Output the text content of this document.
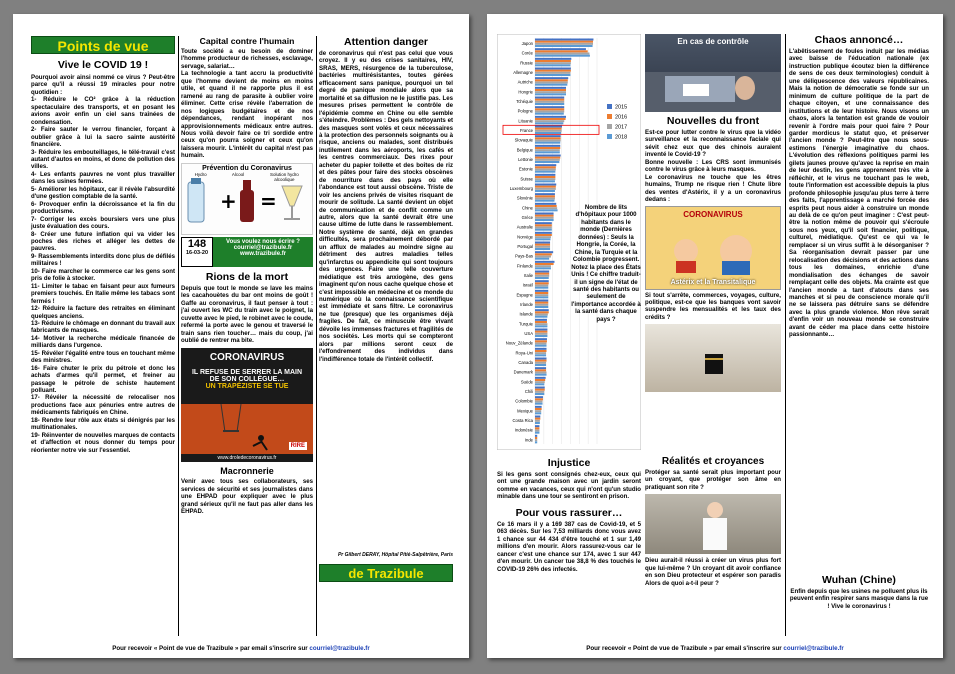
Points de vue
Vive le COVID 19 !

Pourquoi avoir ainsi nommé ce virus ? Peut-être parce qu'il a réussi 19 miracles pour notre quotidien :

1- Réduire le CO² grâce à la réduction spectaculaire des transports, et en posant les avions avoir enfin un ciel sans traînées de condensation.

2- Faire sauter le verrou financier, forçant à oublier grâce à lui la sacro sainte austérité financière.

3- Réduire les embouteillages, le télé-travail c'est autant d'autos en moins, et donc de pollution des villes.

4- Les enfants pauvres ne vont plus travailler dans les usines fermées.

5- Améliorer les hôpitaux, car il révèle l'absurdité d'une gestion comptable de la santé.

6- Provoquer enfin la décroissance et la fin du productivisme.

7- Corriger les excès boursiers vers une plus juste évaluation des cours.

8- Créer une future inflation qui va vider les poches des riches et alléger les dettes de pauvres.

9- Rassemblements interdits donc plus de défilés militaires !

10- Faire marcher le commerce car les gens sont pris de folie à stocker.

11- Limiter le tabac en faisant peur aux fumeurs premiers touchés. En Italie même les tabacs sont fermés !

12- Réduire la facture des retraites en éliminant quelques anciens.

13- Réduire le chômage en donnant du travail aux fabricants de masques.

14- Motiver la recherche médicale financée de milliards dans l'urgence.

15- Révéler l'égalité entre tous en touchant même des ministres.

16- Faire chuter le prix du pétrole et donc les achats d'armes qu'il permet, et freiner au passage le pétrole de schiste hautement polluant.

17- Révéler la nécessité de relocaliser nos productions face aux pénuries entre autres de médicaments fabriqués en Chine.

18- Rendre leur rôle aux états si dénigrés par les multinationales.

19- Réinventer de nouvelles marques de contacts et d'affection et nous donner du temps pour réorienter notre vie sur l'essentiel.

Capital contre l'humain

Toute société a eu besoin de dominer l'homme producteur de richesses, esclavage, servage, salariat…

La technologie a tant accru la productivité que l'homme devient de moins en moins utile, et quand il ne rapporte plus il est ramené au rang de parasite à oublier voire éliminer. Cette crise révèle l'aberration de nos logiques budgétaires et de nos dépendances, rendant inopérant nos approvisionnements médicaux entre autres. Nous voilà devoir faire ce tri sordide entre ceux qu'on pourra soigner et ceux qu'on laissera mourir. L'intérêt du capital n'est pas humain.

Prévention du Coronavirus
+ =
Hydro	Alcool	Solution hydro alcoolique
148
16-03-20
Vous voulez nous écrire ?
courriel@trazibule.fr
www.trazibule.fr
Rions de la mort

Depuis que tout le monde se lave les mains les cacahouètes du bar ont moins de goût ! Gaffe au coronavirus, il faut penser à tout : j'ai ouvert les WC du train avec le poignet, la cuvette avec le pied, le robinet avec le coude, refermé la porte avec le genou et traversé le train sans rien toucher… mais du coup, j'ai oublié de rentrer ma bite.

CORONAVIRUS
IL REFUSE DE SERRER LA MAIN
DE SON COLLÈGUE…
UN TRAPÉZISTE SE TUE
RIRE
www.droledecoronavirus.fr
Macronnerie

Venir avec tous ses collaborateurs, ses services de sécurité et ses journalistes dans une EHPAD pour expliquer avec le plus grand sérieux qu'il ne faut pas aller dans les EHPAD.

Attention danger

de coronavirus qui n'est pas celui que vous croyez. Il y eu des crises sanitaires, HIV, SRAS, MERS, résurgence de la tuberculose, bactéries multirésistantes, toutes gérées efficacement sans panique, pourquoi un tel degré de panique mondiale alors que sa mortalité et sa diffusion ne le justifie pas. Les mesures prises permettent le contrôle de l'épidémie comme en Chine ou elle semble s'éteindre. Problèmes : Des gels nettoyants et des masques sont volés et ceux nécessaires à la protection des personnels soignants ou à risque, anciens ou malades, sont distribués inutilement dans les aéroports, les cafés et les centres commerciaux. Des rixes pour acheter du papier toilette et des boîtes de riz et des pâtes pour faire des stocks obscènes de nourriture dans des pays où elle l'abondance est tout aussi obscène. Triste de voir les anciens privés de visites risquant de mourir de solitude. La santé devient un objet de communication et de conflit comme un autre, alors que la santé devrait être une cause ultime de lutte dans le rassemblement. Notre système de santé, déjà en grandes difficultés, sera prochainement débordé par un afflux de malades au moindre signe au détriment des autres maladies telles qu'infarctus ou appendicite qui sont toujours des urgences. Faire une telle couverture médiatique est très anxiogène, des gens imaginent qu'on nous cache quelque chose et c'est impossible en médecine et ce monde du numérique où la connaissance scientifique est immédiate et sans filtre. Le coronavirus ne tue (presque) que les organismes déjà fragiles. De fait, ce minuscule être vivant dévoile les immenses fractures et fragilités de nos sociétés. Les morts qui se compteront alors par millions seront ceux de l'effondrement des individus dans l'indifférence totale de l'intérêt collectif.

Pr Gilbert DERAY, Hôpital Pitié-Salpêtrière, Paris
de Trazibule
Pour recevoir « Point de vue de Trazibule » par email s'inscrire sur courriel@trazibule.fr
Japon
Corée
Russie
Allemagne
Autriche
Hongrie
Tchéquie
Pologne
Lituanie
France
Slovaquie
Belgique
Lettonie
Estonie
Suisse
Luxembourg
Slovénie
Chine
Grèce
Australie
Norvège
Portugal
Pays-Bas
Finlande
Italie
Israël
Espagne
Irlande
Islande
Turquie
USA
Nouv_Zélande
Roya-Uni
Canada
Danemark
Suède
Chili
Colombie
Mexique
Costa Rica
Indonésie
Inde
2015
2016
2017
2018
Nombre de lits d'hôpitaux pour 1000 habitants dans le monde (Dernières données) : Seuls la Hongrie, la Corée, la Chine, la Turquie et la Colombie progressent. Notez la place des États Unis ! Ce chiffre traduit-il un signe de l'état de santé des habitants ou seulement de l'importance accordée à la santé dans chaque pays ?
En cas de contrôle
Nouvelles du front

Est-ce pour lutter contre le virus que la vidéo surveillance et la reconnaissance faciale qui sévit chez eux que des chinois auraient inventé le Covid-19 ?

Bonne nouvelle : Les CRS sont immunisés contre le virus grâce à leurs masques.

Le coronavirus ne touche que les êtres humains, Trump ne risque rien ! Chute libre des ventes d'Astérix, il y a un coronavirus dedans :

CORONAVIRUS
Astérix et la Transitalique

Si tout s'arrête, commerces, voyages, culture, politique, est-ce que les banques vont savoir suspendre les mensualités et les taux des crédits ?

Injustice

Si les gens sont consignés chez-eux, ceux qui ont une grande maison avec un jardin seront comme en vacances, ceux qui n'ont qu'un studio minable dans une tour se sentiront en prison.

Pour vous rassurer…

Ce 16 mars il y a 169 387 cas de Covid-19, et 5 063 décès. Sur les 7,53 milliards donc vous avez 1 chance sur 44 434 d'être touché et 1 sur 1,49 millions d'en mourir. Alors rassurez-vous car le cancer c'est une chance sur 174, avec 1 sur 447 d'en mourir. Un cancer tue 38,8 % des touchés le COVID-19 26% des infectés.

Réalités et croyances

Protéger sa santé serait plus important pour un croyant, que protéger son âme en pratiquant son rite ?

Dieu aurait-il réussi à créer un virus plus fort que lui-même ? Un croyant dit avoir confiance en son Dieu protecteur et espérer son paradis Alors de quoi a-t-il peur ?

Chaos annoncé…

L'abêtissement de foules induit par les médias avec baisse de l'éducation nationale (ex instruction publique écoutez bien la différence de sens de ces deux terminologies) conduit à une déliquescence des valeurs républicaines. Mais la notion de démocratie se fonde sur un minimum de culture politique de la part de chaque citoyen, et une connaissance des institutions et de leur histoire. Nous visons un chaos, alors la tentation est grande de vouloir revenir à l'ordre mais pour quoi faire ? Pour garder mordicus le statut quo, et préserver l'ancien monde ? Peut-être que nous sous-estimons l'énergie imaginative du chaos. L'évolution des réflexions politiques parmi les gilets jaunes prouve qu'avec la reprise en main de leur destin, les gens apprennent très vite à réfléchir, et le virus ne touchant pas le web, toute l'information est accessible depuis la plus profonde philosophie jusqu'au plus terre à terre des faits, l'apprentissage a marché forcée des esprits peut nous aider à construire un monde au delà de ce qu'on peut imaginer : C'est peut-être la notion même de pouvoir qui s'écroule sous nos yeux, qu'il soit financier, politique, culturel, médiatique. Qu'est ce qui va le remplacer si un virus suffit à le désorganiser ? Sa réorganisation devrait passer par une relocalisation des décisions et des actions dans tous les domaines, enrichie d'une mondialisation des échanges de savoir remplaçant celle des objets. Ma crainte est que l'ancien monde a tant d'atouts dans ses manches et si peu de conscience morale qu'il ne se laissera pas détruire sans se défendre avec la plus grande violence. Mon rêve serait d'enfin voir un nouveau monde se construire avant de céder ma place dans cette histoire passionnante…

Wuhan (Chine)

Enfin depuis que les usines ne polluent plus ils peuvent enfin respirer sans masque dans la rue ! Vive le coronavirus !

Pour recevoir « Point de vue de Trazibule » par email s'inscrire sur courriel@trazibule.fr
